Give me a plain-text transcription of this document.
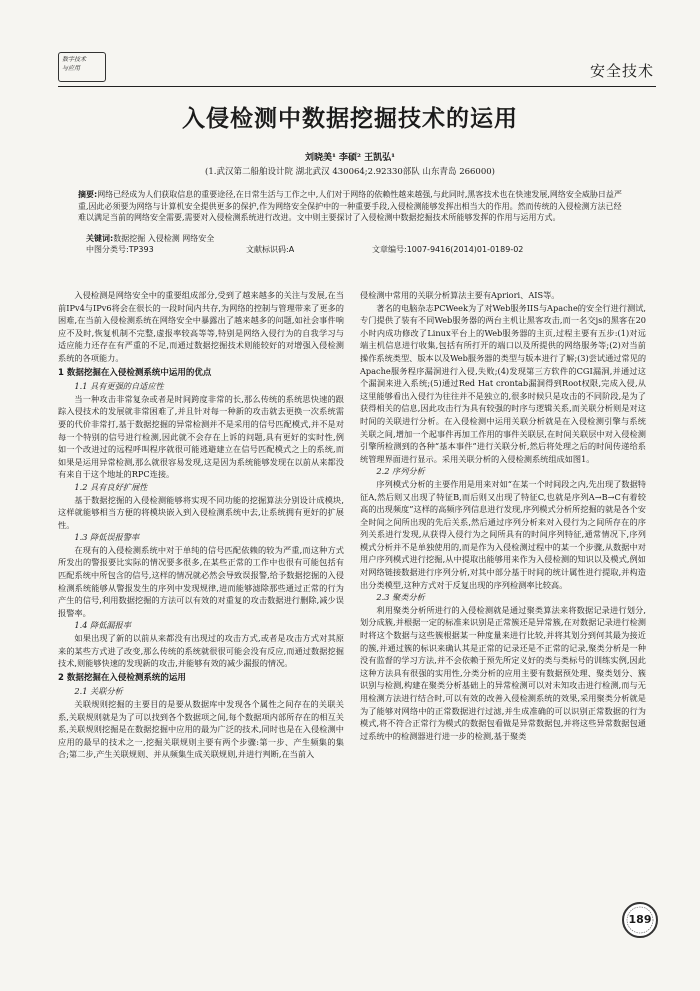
数字技术
与应用	安全技术
入侵检测中数据挖掘技术的运用
刘晓美¹ 李硕² 王凯弘¹
(1.武汉第二船舶设计院 湖北武汉 430064;2.92330部队 山东青岛 266000)
摘要:网络已经成为人们获取信息的重要途径,在日常生活与工作之中,人们对于网络的依赖性越来越强,与此同时,黑客技术也在快速发展,网络安全威胁日益严重,因此必须要为网络与计算机安全提供更多的保护,作为网络安全保护中的一种重要手段,入侵检测能够发挥出相当大的作用。然而传统的入侵检测方法已经难以满足当前的网络安全需要,需要对入侵检测系统进行改进。文中则主要探讨了入侵检测中数据挖掘技术所能够发挥的作用与运用方式。
关键词:数据挖掘 入侵检测 网络安全
中图分类号:TP393	文献标识码:A	文章编号:1007-9416(2014)01-0189-02

入侵检测是网络安全中的重要组成部分,受到了越来越多的关注与发展,在当前IPv4与IPv6将会在很长的一段时间内共存,为网络的控制与管理带来了更多的困难,在当前入侵检测系统在网络安全中暴露出了越来越多的问题,如社会事件响应不及时,恢复机制不完整,虚报率较高等等,特别是网络入侵行为的自我学习与适应能力还存在有严重的不足,而通过数据挖掘技术则能较好的对增强入侵检测系统的各项能力。

1 数据挖掘在入侵检测系统中运用的优点
1.1 具有更强的自适应性

当一种攻击非常复杂或者是时间跨度非常的长,那么传统的系统思快速的跟踪入侵技术的发展就非常困难了,并且针对每一种新的攻击就去更换一次系统需要的代价非常打,基于数据挖掘的异常检测并不是采用的信号匹配模式,并不是对每一个特别的信号进行检测,因此就不会存在上诉的问题,具有更好的实时性,例如一个改进过的远程呼叫程序就很可能逃避建立在信号匹配模式之上的系统,而如果是运用异常检测,那么就很容易发现,这是因为系统能够发现在以前从来都没有来自于这个地址的RPC连接。

1.2 具有良好扩展性

基于数据挖掘的入侵检测能够将实现不同功能的挖掘算法分别设计成模块,这样就能够相当方便的将模块嵌入到入侵检测系统中去,让系统拥有更好的扩展性。

1.3 降低误报警率

在现有的入侵检测系统中对于单纯的信号匹配依赖的较为严重,而这种方式所发出的警报要比实际的情况要多很多,在某些正常的工作中也很有可能包括有匹配系统中所包含的信号,这样的情况就必然会导致误报警,给予数据挖掘的入侵检测系统能够从警报发生的序列中发现规律,进而能够滤除那些通过正常的行为产生的信号,利用数据挖掘的方法可以有效的对重复的攻击数据进行删除,减少误报警率。

1.4 降低漏报率

如果出现了新的以前从来都没有出现过的攻击方式,或者是攻击方式对其原来的某些方式进了改变,那么传统的系统就很很可能会没有反应,而通过数据挖掘技术,则能够快速的发现新的攻击,并能够有效的减少漏报的情况。

2 数据挖掘在入侵检测系统的运用
2.1 关联分析

关联规则挖掘的主要目的是要从数据库中发现各个属性之间存在的关联关系,关联规则就是为了可以找到各个数据项之间,每个数据项内部所存在的相互关系,关联规则挖掘是在数据挖掘中应用的最为广泛的技术,同时也是在入侵检测中应用的最早的技术之一,挖掘关联规则主要有两个步骤:第一步、产生频集的集合;第二步,产生关联规则、并从频集生成关联规则,并进行判断,在当前入

侵检测中常用的关联分析算法主要有Apriori、AIS等。

著名的电脑杂志PCWeek为了对Web服务IIS与Apache的安全行进行测试,专门提供了装有不同Web服务器的两台主机让黑客攻击,而一名交js的黑客在20小时内成功修改了Linux平台上的Web服务器的主页,过程主要有五步:(1)对远端主机信息进行收集,包括有所打开的端口以及所提供的网络服务等;(2)对当前操作系统类型、版本以及Web服务器的类型与版本进行了解;(3)尝试通过常见的Apache服务程序漏洞进行入侵,失败;(4)发现第三方软件的CGI漏洞,并通过这个漏洞来进入系统;(5)通过Red Hat crontab漏洞得到Root权限,完成入侵,从这里能够看出入侵行为往往并不是独立的,很多时候只是攻击的不同阶段,是为了获得相关的信息,因此攻击行为具有较强的时序与逻辑关系,而关联分析则是对这时间的关联进行分析。在入侵检测中运用关联分析就是在入侵检测引擎与系统关联之间,增加一个起事件再加工作用的事件关联层,在时间关联层中对入侵检测引擎所检测到的各种“基本事件”进行关联分析,然后将处理之后的时间传递给系统管理界面进行显示。采用关联分析的入侵检测系统组成如图1。

2.2 序列分析

序列模式分析的主要作用是用来对如“在某一个时间段之内,先出现了数据特征A,然后则又出现了特征B,而后则又出现了特征C,也就是序列A→B→C有着较高的出现频度”这样的高频序列信息进行发现,序列模式分析所挖掘的就是各个安全时间之间所出现的先后关系,然后通过序列分析来对入侵行为之间所存在的序列关系进行发现,从获得入侵行为之间所具有的时间序列特征,通常情况下,序列模式分析并不是单独使用的,而是作为入侵检测过程中的某一个步骤,从数据中对用户序列模式进行挖掘,从中提取出能够用来作为入侵检测的知识以及模式,例如对网络链接数据进行序列分析,对其中部分基于时间的统计属性进行提取,并构造出分类模型,这种方式对于反复出现的序列检测率比较高。

2.3 聚类分析

利用聚类分析所进行的入侵检测就是通过聚类算法来将数据记录进行划分,划分成簇,并根据一定的标准来识别是正常簇还是异常簇,在对数据记录进行检测时将这个数据与这些簇根据某一种度量来进行比较,并将其划分到何其最为接近的簇,并通过簇的标识来确认其是正常的记录还是不正常的记录,聚类分析是一种没有监督的学习方法,并不会依赖于预先所定义好的类与类标号的训练实例,因此这种方法具有很强的实用性,分类分析的应用主要有数据预处理、聚类划分、簇识别与检测,构建在聚类分析基础上的异常检测可以对未知攻击进行检测,而与无用检测方法进行结合时,可以有效的改善入侵检测系统的效果,采用聚类分析就是为了能够对网络中的正常数据进行过滤,并生成准确的可以识别正常数据的行为模式,将不符合正常行为模式的数据包看做是异常数据包,并将这些异常数据包通过系统中的检测器进行进一步的检测,基于聚类

189
